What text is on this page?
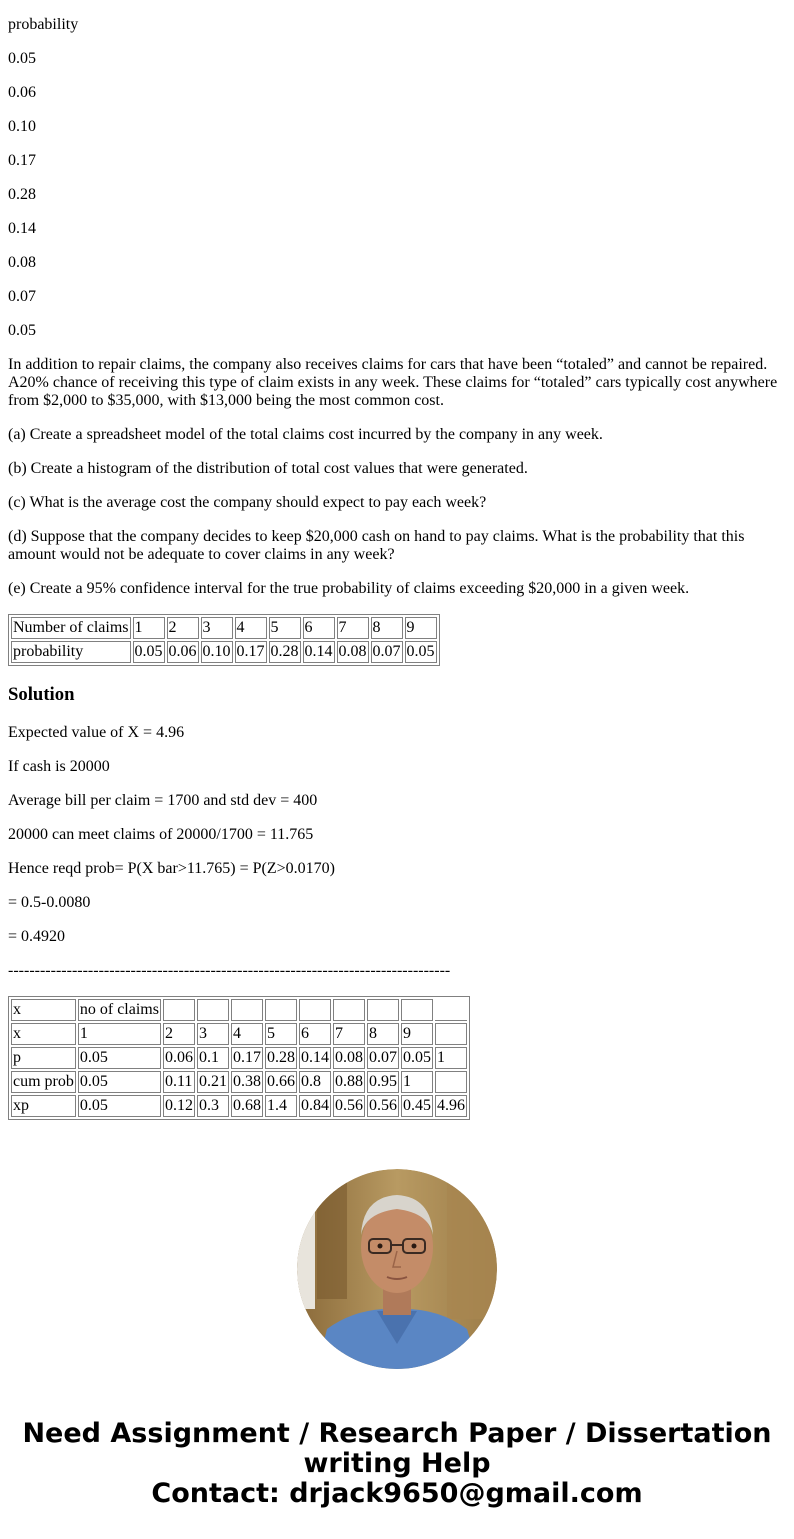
probability

0.05

0.06

0.10

0.17

0.28

0.14

0.08

0.07

0.05

In addition to repair claims, the company also receives claims for cars that have been “totaled” and cannot be repaired. A20% chance of receiving this type of claim exists in any week. These claims for “totaled” cars typically cost anywhere from $2,000 to $35,000, with $13,000 being the most common cost.

(a) Create a spreadsheet model of the total claims cost incurred by the company in any week.

(b) Create a histogram of the distribution of total cost values that were generated.

(c) What is the average cost the company should expect to pay each week?

(d) Suppose that the company decides to keep $20,000 cash on hand to pay claims. What is the probability that this amount would not be adequate to cover claims in any week?

(e) Create a 95% confidence interval for the true probability of claims exceeding $20,000 in a given week.

Number of claims	1	2	3	4	5	6	7	8	9
probability	0.05	0.06	0.10	0.17	0.28	0.14	0.08	0.07	0.05
Solution

Expected value of X = 4.96

If cash is 20000

Average bill per claim = 1700 and std dev = 400

20000 can meet claims of 20000/1700 = 11.765

Hence reqd prob= P(X bar>11.765) = P(Z>0.0170)

= 0.5-0.0080

= 0.4920

-----------------------------------------------------------------------------------

x	no of claims									
x	1	2	3	4	5	6	7	8	9	
p	0.05	0.06	0.1	0.17	0.28	0.14	0.08	0.07	0.05	1
cum prob	0.05	0.11	0.21	0.38	0.66	0.8	0.88	0.95	1	
xp	0.05	0.12	0.3	0.68	1.4	0.84	0.56	0.56	0.45	4.96
Need Assignment / Research Paper / Dissertation
writing Help
Contact: drjack9650@gmail.com
